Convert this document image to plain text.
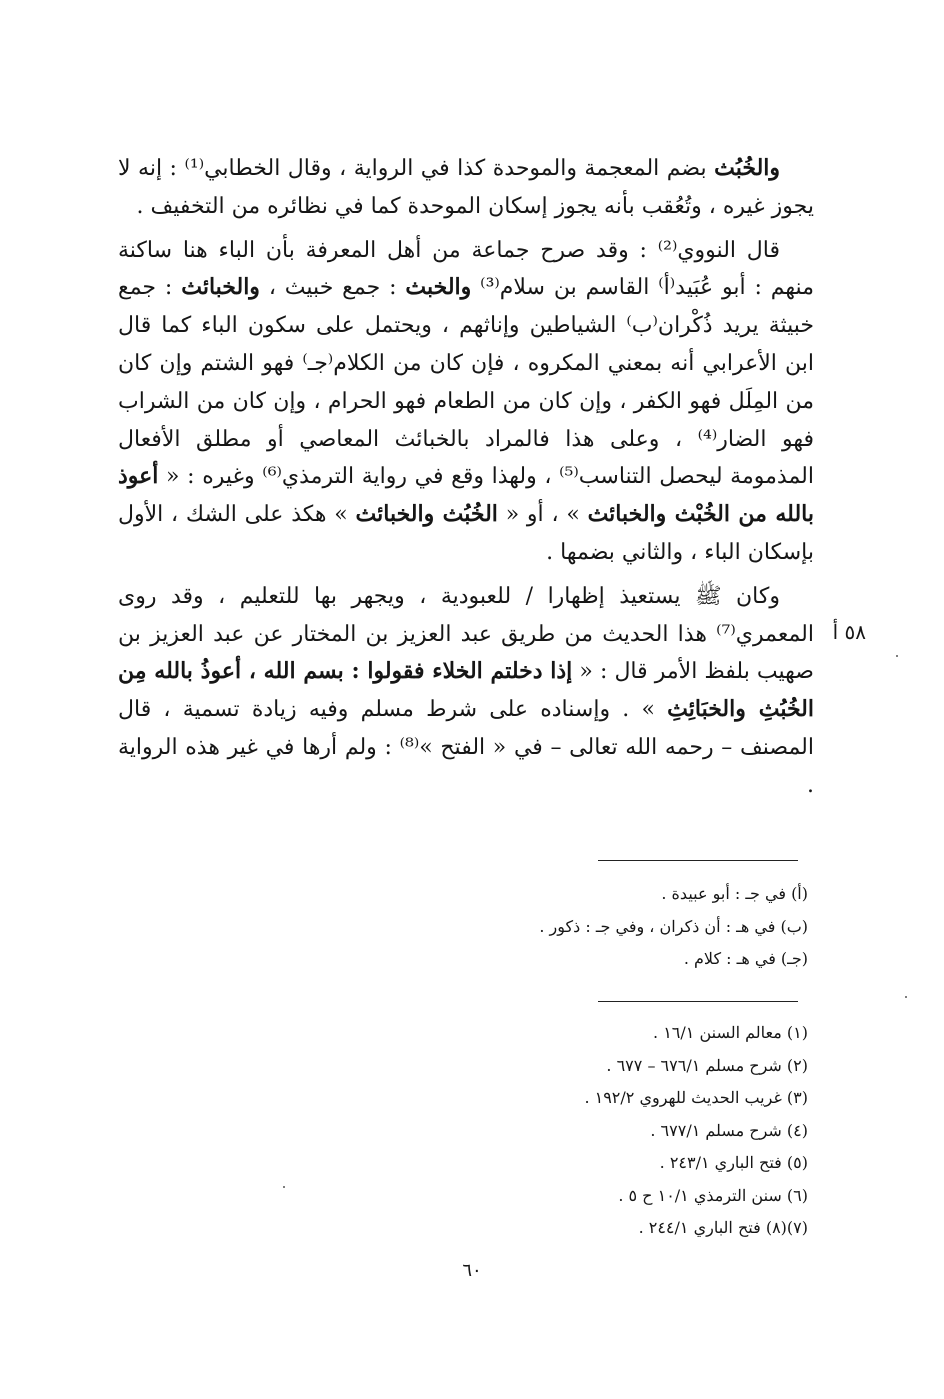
٥٨ أ

والخُبُث بضم المعجمة والموحدة كذا في الرواية ، وقال الخطابي⁽¹⁾ : إنه لا يجوز غيره ، وتُعُقب بأنه يجوز إسكان الموحدة كما في نظائره من التخفيف .

قال النووي⁽²⁾ : وقد صرح جماعة من أهل المعرفة بأن الباء هنا ساكنة منهم : أبو عُبَيد⁽أ⁾ القاسم بن سلام⁽³⁾ والخبث : جمع خبيث ، والخبائث : جمع خبيثة يريد ذُكْران⁽ب⁾ الشياطين وإناثهم ، ويحتمل على سكون الباء كما قال ابن الأعرابي أنه بمعني المكروه ، فإن كان من الكلام⁽جـ⁾ فهو الشتم وإن كان من المِلَل فهو الكفر ، وإن كان من الطعام فهو الحرام ، وإن كان من الشراب فهو الضار⁽⁴⁾ ، وعلى هذا فالمراد بالخبائث المعاصي أو مطلق الأفعال المذمومة ليحصل التناسب⁽⁵⁾ ، ولهذا وقع في رواية الترمذي⁽⁶⁾ وغيره : « أعوذ بالله من الخُبْث والخبائث » ، أو « الخُبُث والخبائث » هكذ على الشك ، الأول بإسكان الباء ، والثاني بضمها .

وكان ﷺ يستعيذ إظهارا / للعبودية ، ويجهر بها للتعليم ، وقد روى المعمري⁽⁷⁾ هذا الحديث من طريق عبد العزيز بن المختار عن عبد العزيز بن صهيب بلفظ الأمر قال : « إذا دخلتم الخلاء فقولوا : بسم الله ، أعوذُ بالله مِن الخُبُثِ والخبَائِثِ » . وإسناده على شرط مسلم وفيه زيادة تسمية ، قال المصنف – رحمه الله تعالى – في « الفتح »⁽⁸⁾ : ولم أرها في غير هذه الرواية .

(أ) في جـ : أبو عبيدة .
(ب) في هـ : أن ذكران ، وفي جـ : ذكور .
(جـ) في هـ : كلام .
(١) معالم السنن ١٦/١ .
(٢) شرح مسلم ٦٧٦/١ – ٦٧٧ .
(٣) غريب الحديث للهروي ١٩٢/٢ .
(٤) شرح مسلم ٦٧٧/١ .
(٥) فتح الباري ٢٤٣/١ .
(٦) سنن الترمذي ١٠/١ ح ٥ .
(٧)(٨) فتح الباري ٢٤٤/١ .
٦٠
